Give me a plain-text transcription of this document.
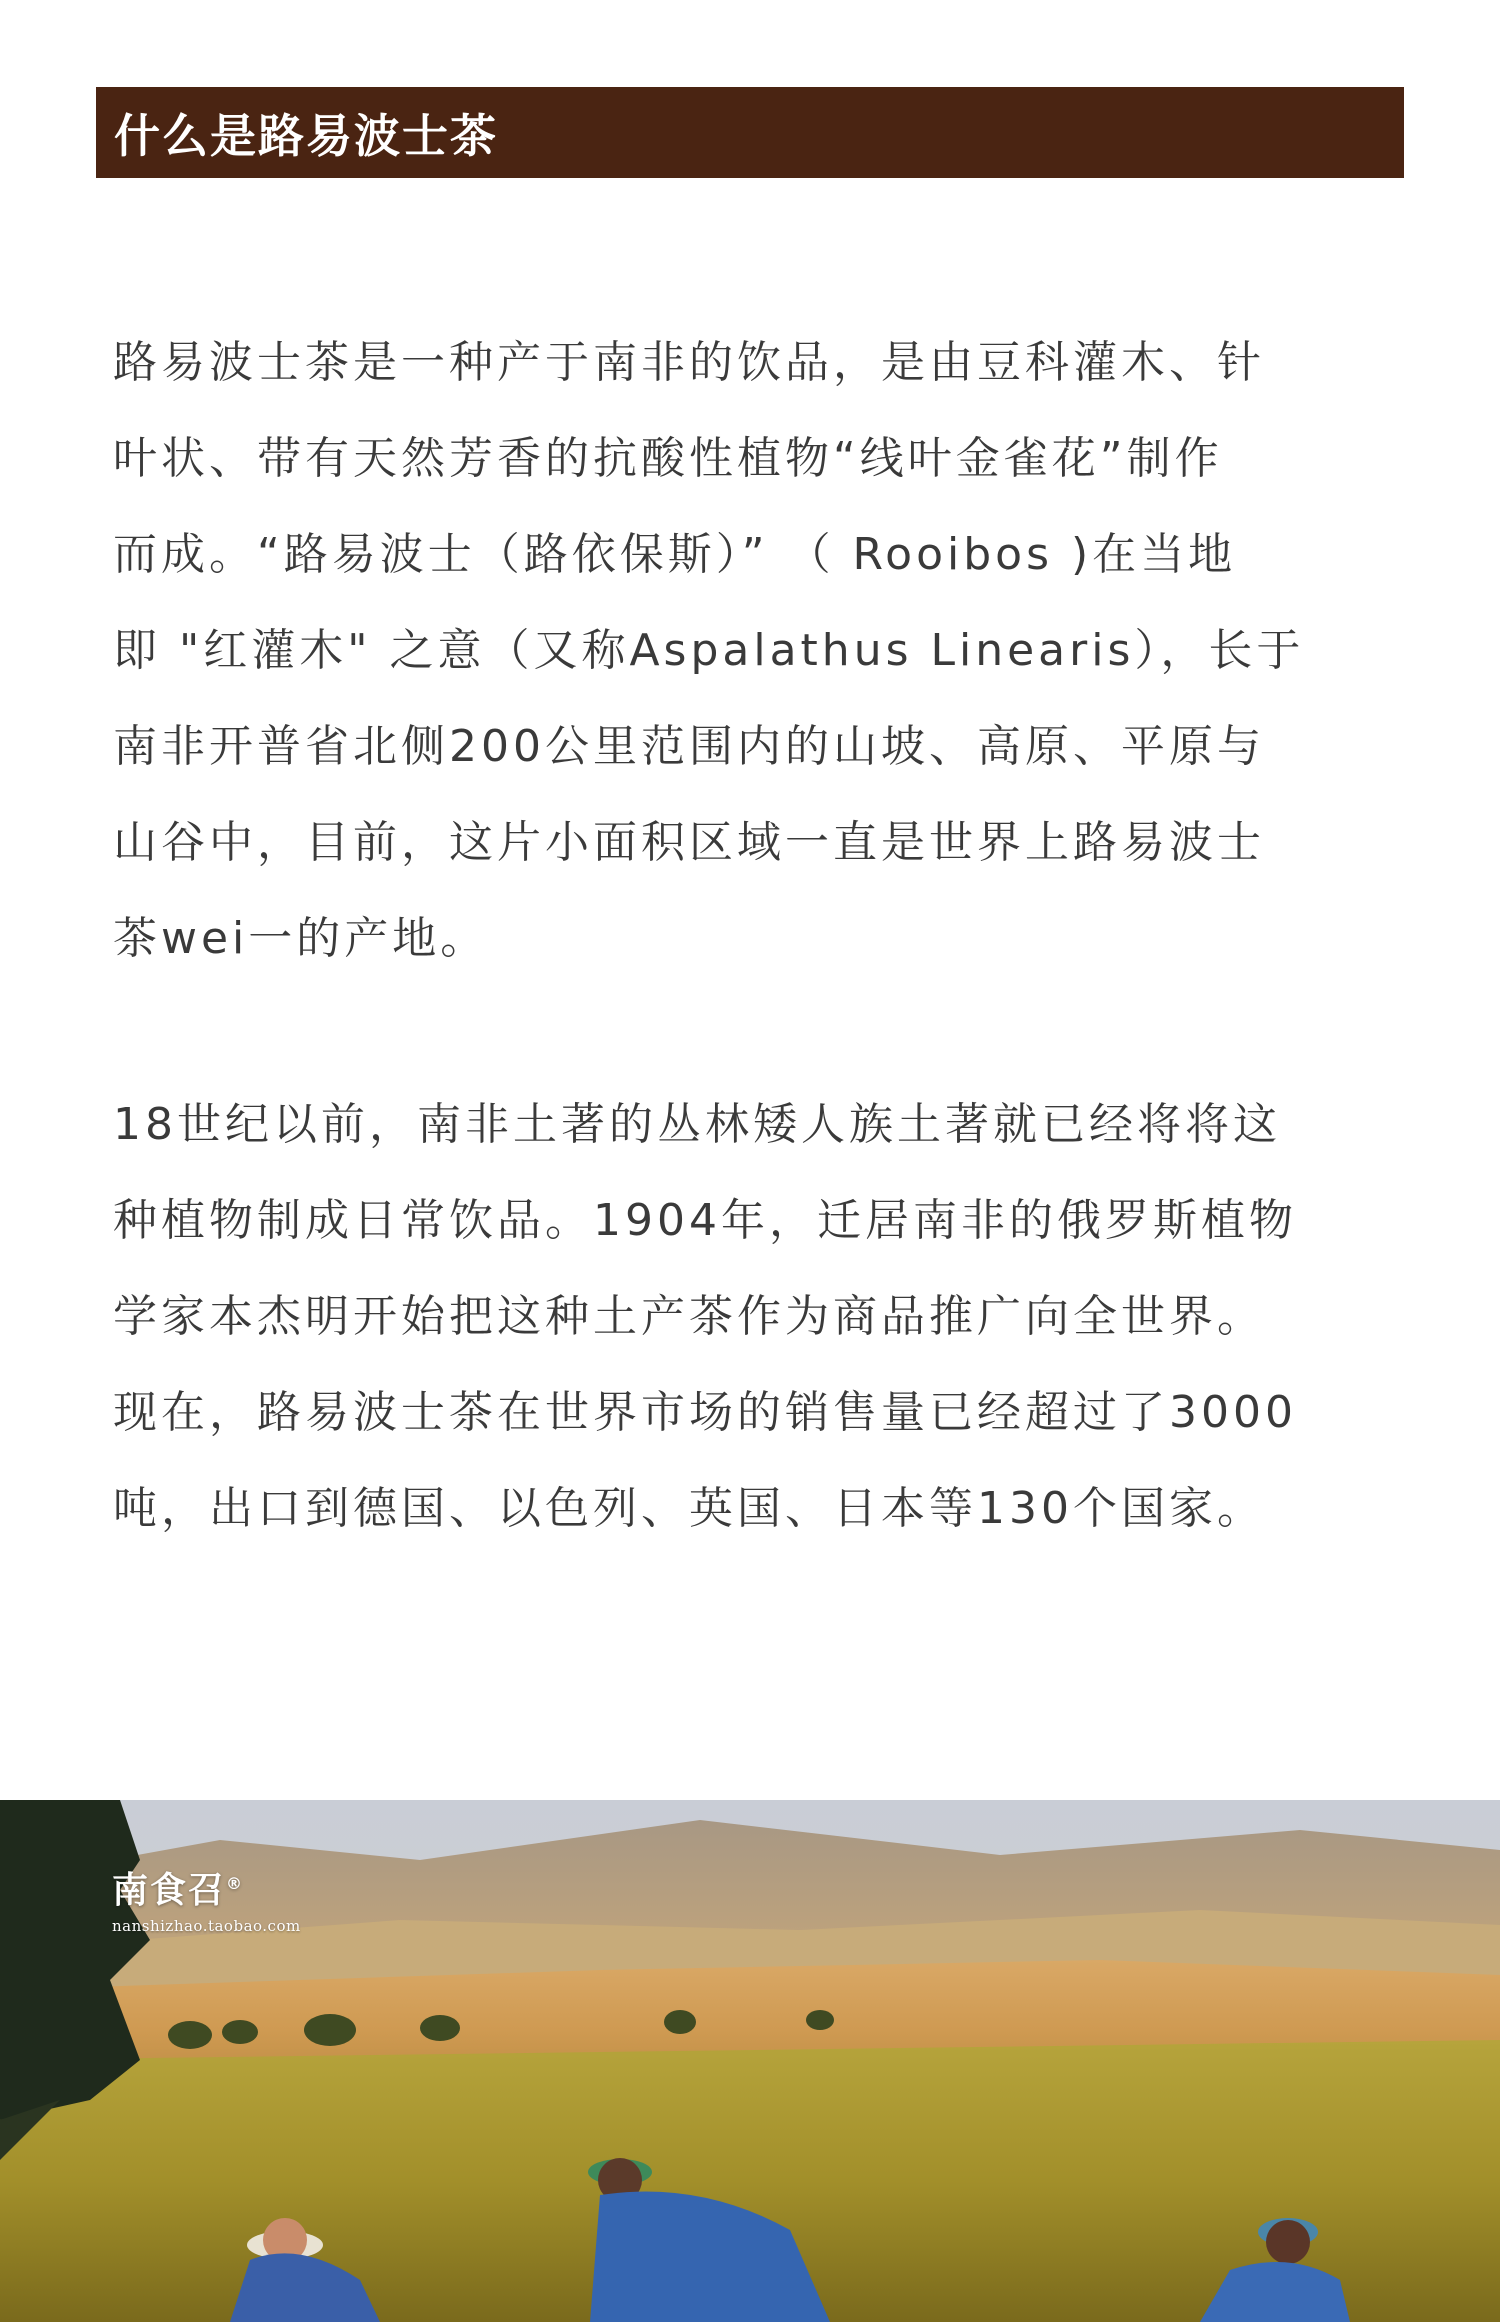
什么是路易波士茶

路易波士茶是一种产于南非的饮品，是由豆科灌木、针
叶状、带有天然芳香的抗酸性植物“线叶金雀花”制作
而成。“路易波士（路依保斯）” （ Rooibos )在当地
即 "红灌木" 之意（又称Aspalathus Linearis），长于
南非开普省北侧200公里范围内的山坡、高原、平原与
山谷中，目前，这片小面积区域一直是世界上路易波士
茶wei一的产地。

18世纪以前，南非土著的丛林矮人族土著就已经将将这
种植物制成日常饮品。1904年，迁居南非的俄罗斯植物
学家本杰明开始把这种土产茶作为商品推广向全世界。
现在，路易波士茶在世界市场的销售量已经超过了3000
吨，出口到德国、以色列、英国、日本等130个国家。

南食召®
nanshizhao.taobao.com
